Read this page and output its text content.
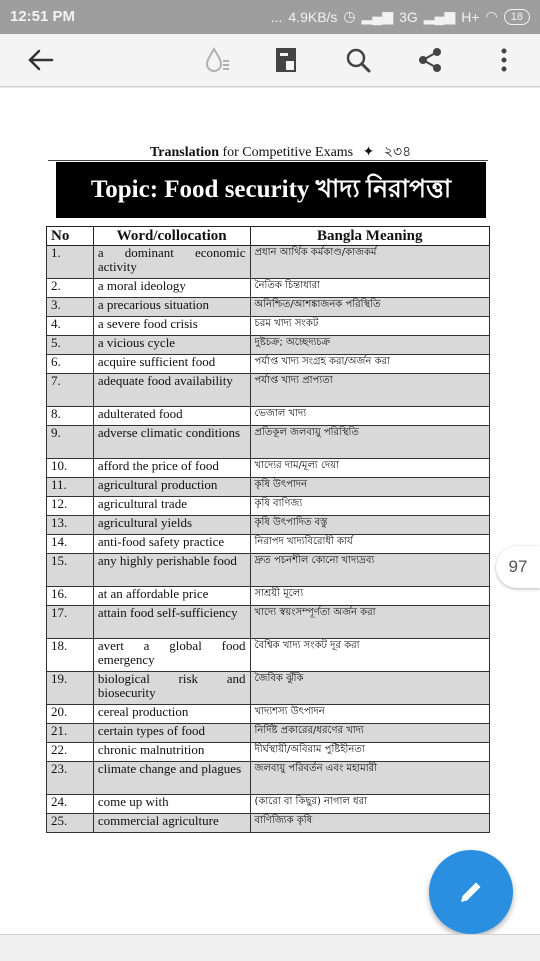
12:51 PM	... 4.9KB/s ◷ ▂▄▆ 3G ▂▄▆ H+ ◠	18
Translation for Competitive Exams ✦ ২৩৪
Topic: Food security খাদ্য নিরাপত্তা
No	Word/collocation	Bangla Meaning
1.	a dominant economic activity	প্রধান আর্থিক কর্মকাণ্ড/কাজকর্ম
2.	a moral ideology	নৈতিক চিন্তাধারা
3.	a precarious situation	অনিশ্চিত/আশঙ্কাজনক পরিস্থিতি
4.	a severe food crisis	চরম খাদ্য সংকট
5.	a vicious cycle	দুষ্টচক্র; অচ্ছেদ্যচক্র
6.	acquire sufficient food	পর্যাপ্ত খাদ্য সংগ্রহ করা/অর্জন করা
7.	adequate food availability	পর্যাপ্ত খাদ্য প্রাপ্যতা
8.	adulterated food	ভেজাল খাদ্য
9.	adverse climatic conditions	প্রতিকূল জলবায়ু পরিস্থিতি
10.	afford the price of food	খাদ্যের দাম/মূল্য দেয়া
11.	agricultural production	কৃষি উৎপাদন
12.	agricultural trade	কৃষি বাণিজ্য
13.	agricultural yields	কৃষি উৎপাদিত বস্তু
14.	anti-food safety practice	নিরাপদ খাদ্যবিরোধী কার্য
15.	any highly perishable food	দ্রুত পচনশীল কোনো খাদ্যদ্রব্য
16.	at an affordable price	সাশ্রয়ী মূল্যে
17.	attain food self-sufficiency	খাদ্যে স্বয়ংসম্পূর্ণতা অর্জন করা
18.	avert a global food emergency	বৈশ্বিক খাদ্য সংকট দূর করা
19.	biological risk and biosecurity	জৈবিক ঝুঁকি
20.	cereal production	খাদ্যশস্য উৎপাদন
21.	certain types of food	নির্দিষ্ট প্রকারের/ধরণের খাদ্য
22.	chronic malnutrition	দীর্ঘস্থায়ী/অবিরাম পুষ্টিহীনতা
23.	climate change and plagues	জলবায়ু পরিবর্তন এবং মহামারী
24.	come up with	(কারো বা কিছুর) নাগাল ধরা
25.	commercial agriculture	বাণিজ্যিক কৃষি
97
